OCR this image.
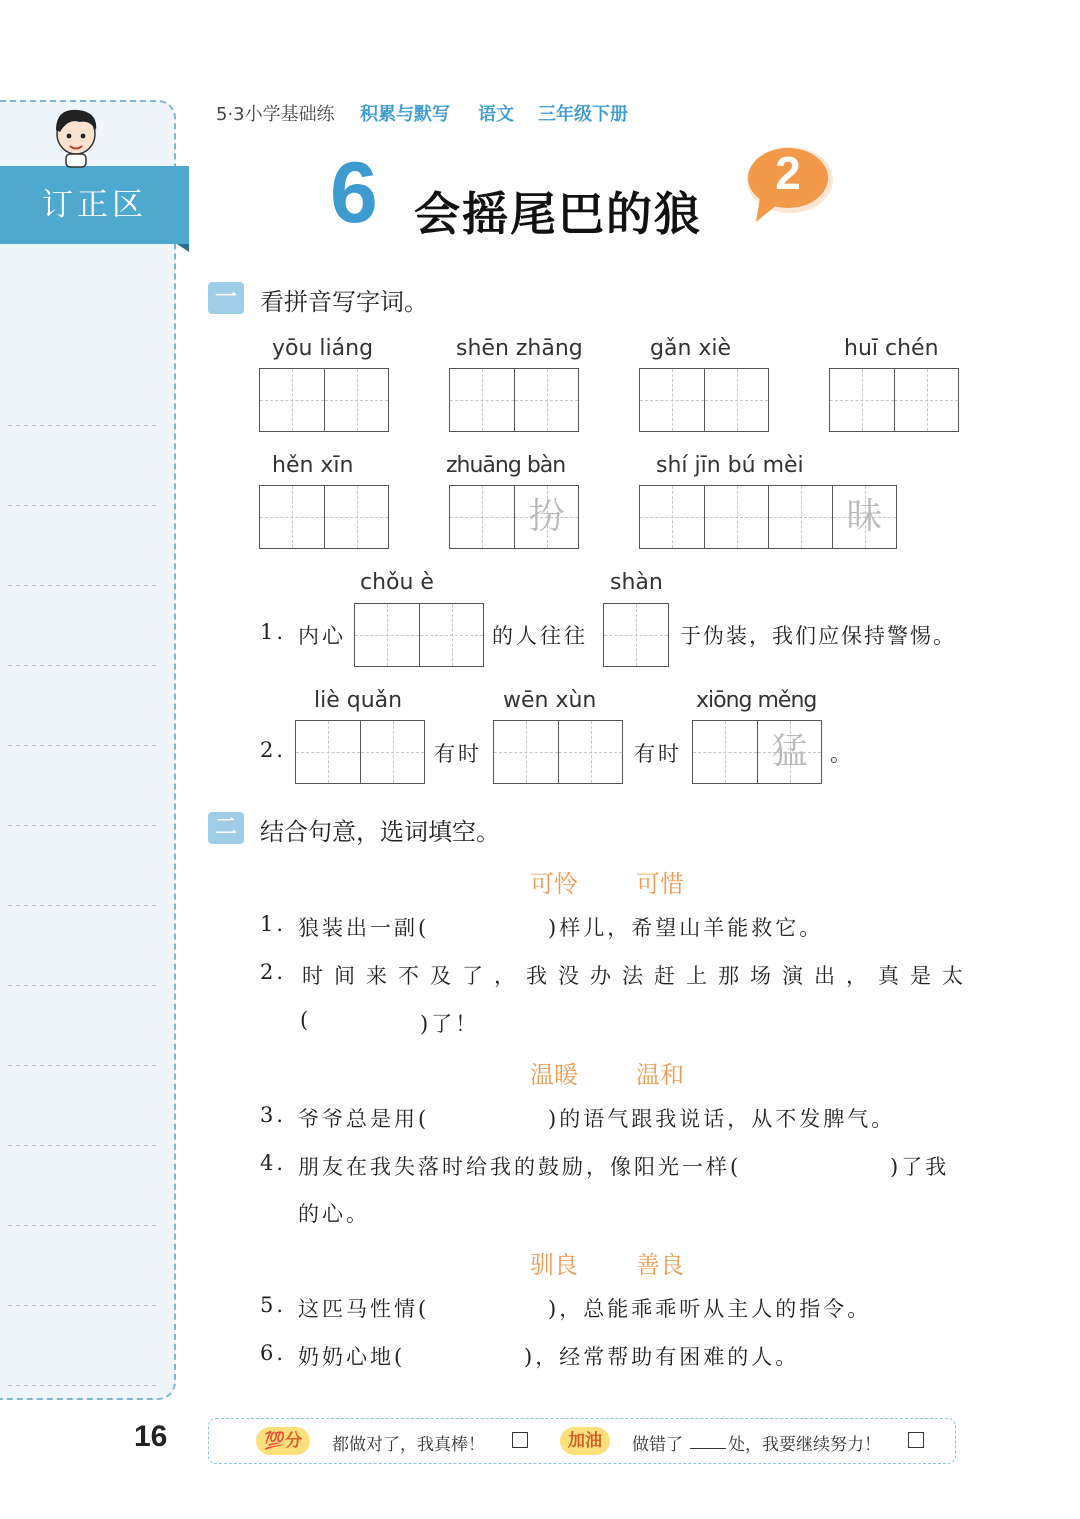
订正区
5·3小学基础练 积累与默写 语文 三年级下册
6 会摇尾巴的狼
2
一 看拼音写字词。
yōu liáng	shēn zhāng	gǎn xiè	huī chén
hěn xīn	zhuāng bàn
扮
shí jīn bú mèi
昧
chǒu è	shàn
1. 内心	的人往往	于伪装，我们应保持警惕。
liè quǎn	wēn xùn	xiōng měng
2.	有时	有时	猛	。
二 结合句意，选词填空。
可怜 可惜
1. 狼装出一副(	)样儿，希望山羊能救它。
2. 时间来不及了，我没办法赶上那场演出，真是太
(	)了！
温暖 温和
3. 爷爷总是用(	)的语气跟我说话，从不发脾气。
4. 朋友在我失落时给我的鼓励，像阳光一样(	)了我
的心。
驯良 善良
5. 这匹马性情(	)，总能乖乖听从主人的指令。
6. 奶奶心地(	)，经常帮助有困难的人。
16	💯分	都做对了，我真棒！	加油	做错了	处，我要继续努力！
